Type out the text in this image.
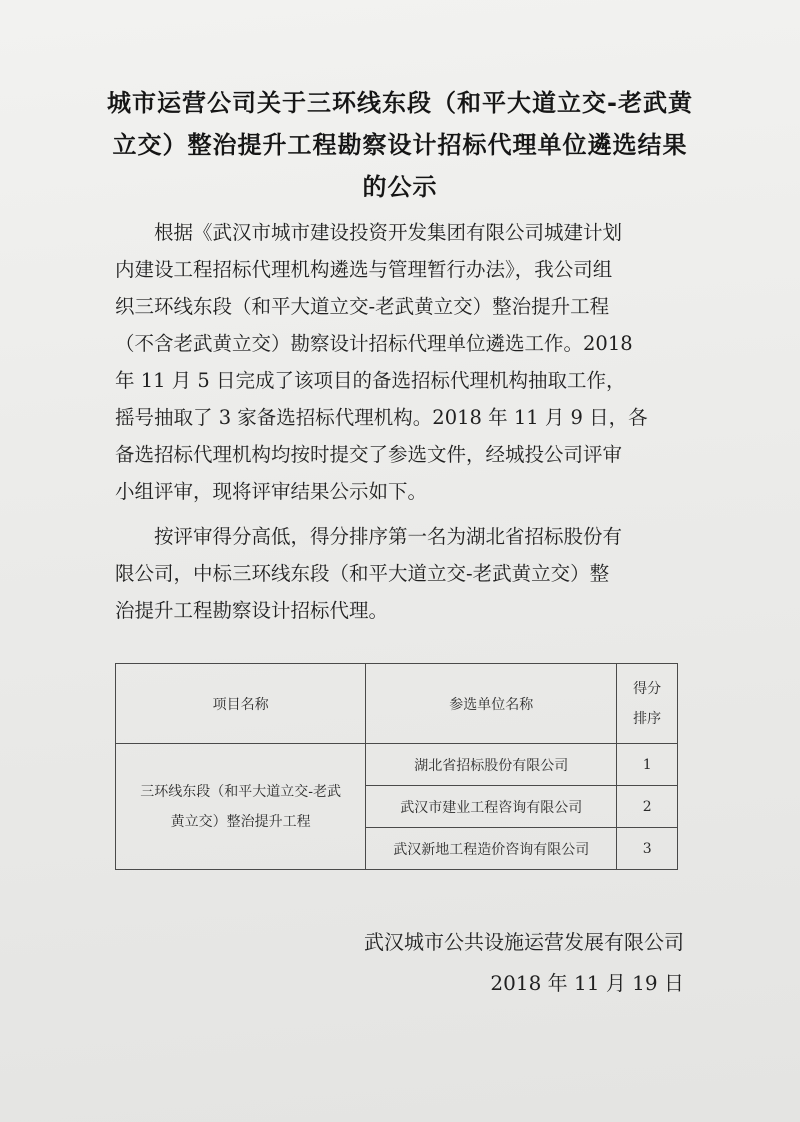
城市运营公司关于三环线东段（和平大道立交-老武黄
立交）整治提升工程勘察设计招标代理单位遴选结果
的公示
　　根据《武汉市城市建设投资开发集团有限公司城建计划
内建设工程招标代理机构遴选与管理暂行办法》，我公司组
织三环线东段（和平大道立交-老武黄立交）整治提升工程
（不含老武黄立交）勘察设计招标代理单位遴选工作。2018
年 11 月 5 日完成了该项目的备选招标代理机构抽取工作，
摇号抽取了 3 家备选招标代理机构。2018 年 11 月 9 日，各
备选招标代理机构均按时提交了参选文件，经城投公司评审
小组评审，现将评审结果公示如下。
　　按评审得分高低，得分排序第一名为湖北省招标股份有
限公司，中标三环线东段（和平大道立交-老武黄立交）整
治提升工程勘察设计招标代理。
项目名称	参选单位名称	得分
排序

三环线东段（和平大道立交-老武
黄立交）整治提升工程	湖北省招标股份有限公司	1
	武汉市建业工程咨询有限公司	2
	武汉新地工程造价咨询有限公司	3
武汉城市公共设施运营发展有限公司
2018 年 11 月 19 日
